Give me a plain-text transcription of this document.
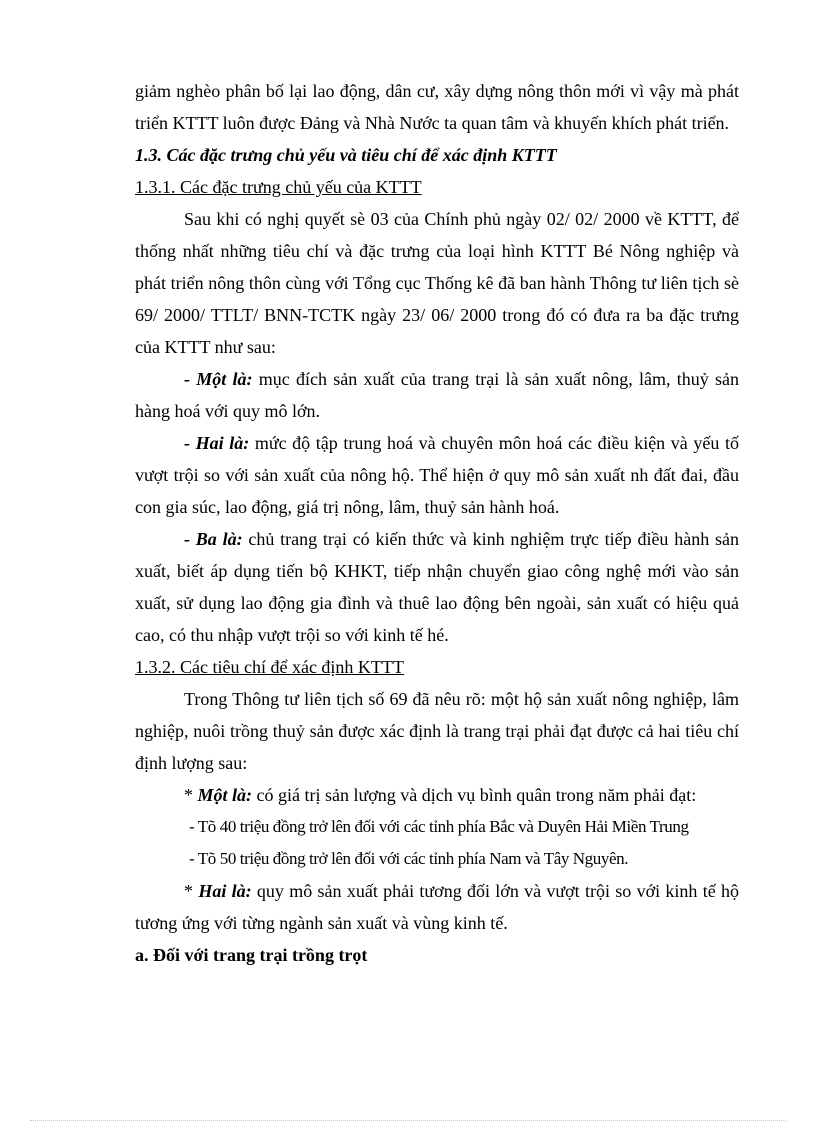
giảm nghèo phân bố lại lao động, dân cư, xây dựng nông thôn mới vì vậy mà phát triển KTTT luôn được Đảng và Nhà Nước ta quan tâm và khuyến khích phát triển.

1.3. Các đặc trưng chủ yếu và tiêu chí để xác định KTTT

1.3.1. Các đặc trưng chủ yếu của KTTT

Sau khi có nghị quyết sè 03 của Chính phủ ngày 02/ 02/ 2000 về KTTT, để thống nhất những tiêu chí và đặc trưng của loại hình KTTT Bé Nông nghiệp và phát triển nông thôn cùng với Tổng cục Thống kê đã ban hành Thông tư liên tịch sè 69/ 2000/ TTLT/ BNN-TCTK ngày 23/ 06/ 2000 trong đó có đưa ra ba đặc trưng của KTTT như sau:

- Một là: mục đích sản xuất của trang trại là sản xuất nông, lâm, thuỷ sản hàng hoá với quy mô lớn.

- Hai là: mức độ tập trung hoá và chuyên môn hoá các điều kiện và yếu tố vượt trội so với sản xuất của nông hộ. Thể hiện ở quy mô sản xuất nh đất đai, đầu con gia súc, lao động, giá trị nông, lâm, thuỷ sản hành hoá.

- Ba là: chủ trang trại có kiến thức và kinh nghiệm trực tiếp điều hành sản xuất, biết áp dụng tiến bộ KHKT, tiếp nhận chuyển giao công nghệ mới vào sản xuất, sử dụng lao động gia đình và thuê lao động bên ngoài, sản xuất có hiệu quả cao, có thu nhập vượt trội so với kinh tế hé.

1.3.2. Các tiêu chí để xác định KTTT

Trong Thông tư liên tịch số 69 đã nêu rõ: một hộ sản xuất nông nghiệp, lâm nghiệp, nuôi trồng thuỷ sản được xác định là trang trại phải đạt được cả hai tiêu chí định lượng sau:

* Một là: có giá trị sản lượng và dịch vụ bình quân trong năm phải đạt:

- Tõ 40 triệu đồng trở lên đối với các tỉnh phía Bắc và Duyên Hải Miền Trung

- Tõ 50 triệu đồng trở lên đối với các tỉnh phía Nam và Tây Nguyên.

* Hai là: quy mô sản xuất phải tương đối lớn và vượt trội so với kinh tế hộ tương ứng với từng ngành sản xuất và vùng kinh tế.

a. Đối với trang trại trồng trọt
